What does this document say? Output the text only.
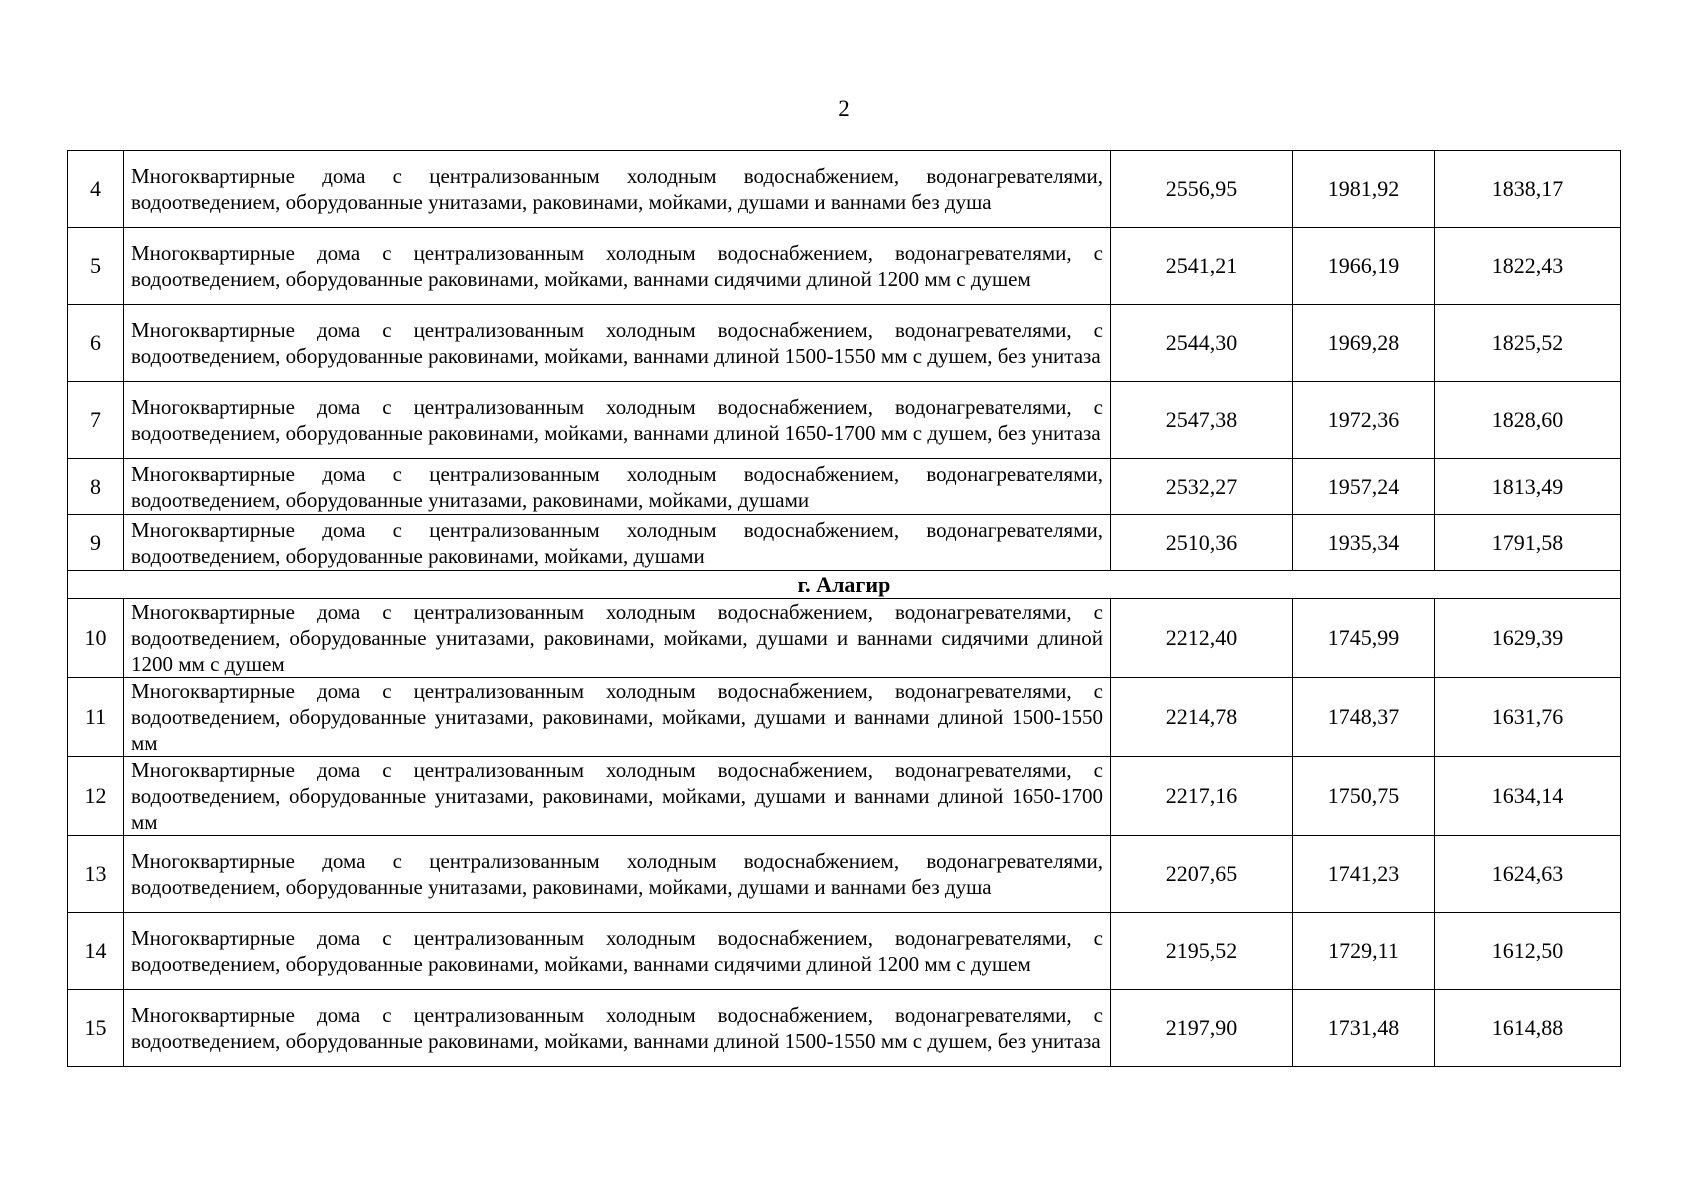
2
4	Многоквартирные дома с централизованным холодным водоснабжением, водонагревателями, водоотведением, оборудованные унитазами, раковинами, мойками, душами и ваннами без душа	2556,95	1981,92	1838,17
5	Многоквартирные дома с централизованным холодным водоснабжением, водонагревателями, с водоотведением, оборудованные раковинами, мойками, ваннами сидячими длиной 1200 мм с душем	2541,21	1966,19	1822,43
6	Многоквартирные дома с централизованным холодным водоснабжением, водонагревателями, с водоотведением, оборудованные раковинами, мойками, ваннами длиной 1500-1550 мм с душем, без унитаза	2544,30	1969,28	1825,52
7	Многоквартирные дома с централизованным холодным водоснабжением, водонагревателями, с водоотведением, оборудованные раковинами, мойками, ваннами длиной 1650-1700 мм с душем, без унитаза	2547,38	1972,36	1828,60
8	Многоквартирные дома с централизованным холодным водоснабжением, водонагревателями, водоотведением, оборудованные унитазами, раковинами, мойками, душами	2532,27	1957,24	1813,49
9	Многоквартирные дома с централизованным холодным водоснабжением, водонагревателями, водоотведением, оборудованные раковинами, мойками, душами	2510,36	1935,34	1791,58
г. Алагир				
10	Многоквартирные дома с централизованным холодным водоснабжением, водонагревателями, с водоотведением, оборудованные унитазами, раковинами, мойками, душами и ваннами сидячими длиной 1200 мм с душем	2212,40	1745,99	1629,39
11	Многоквартирные дома с централизованным холодным водоснабжением, водонагревателями, с водоотведением, оборудованные унитазами, раковинами, мойками, душами и ваннами длиной 1500-1550 мм	2214,78	1748,37	1631,76
12	Многоквартирные дома с централизованным холодным водоснабжением, водонагревателями, с водоотведением, оборудованные унитазами, раковинами, мойками, душами и ваннами длиной 1650-1700 мм	2217,16	1750,75	1634,14
13	Многоквартирные дома с централизованным холодным водоснабжением, водонагревателями, водоотведением, оборудованные унитазами, раковинами, мойками, душами и ваннами без душа	2207,65	1741,23	1624,63
14	Многоквартирные дома с централизованным холодным водоснабжением, водонагревателями, с водоотведением, оборудованные раковинами, мойками, ваннами сидячими длиной 1200 мм с душем	2195,52	1729,11	1612,50
15	Многоквартирные дома с централизованным холодным водоснабжением, водонагревателями, с водоотведением, оборудованные раковинами, мойками, ваннами длиной 1500-1550 мм с душем, без унитаза	2197,90	1731,48	1614,88
